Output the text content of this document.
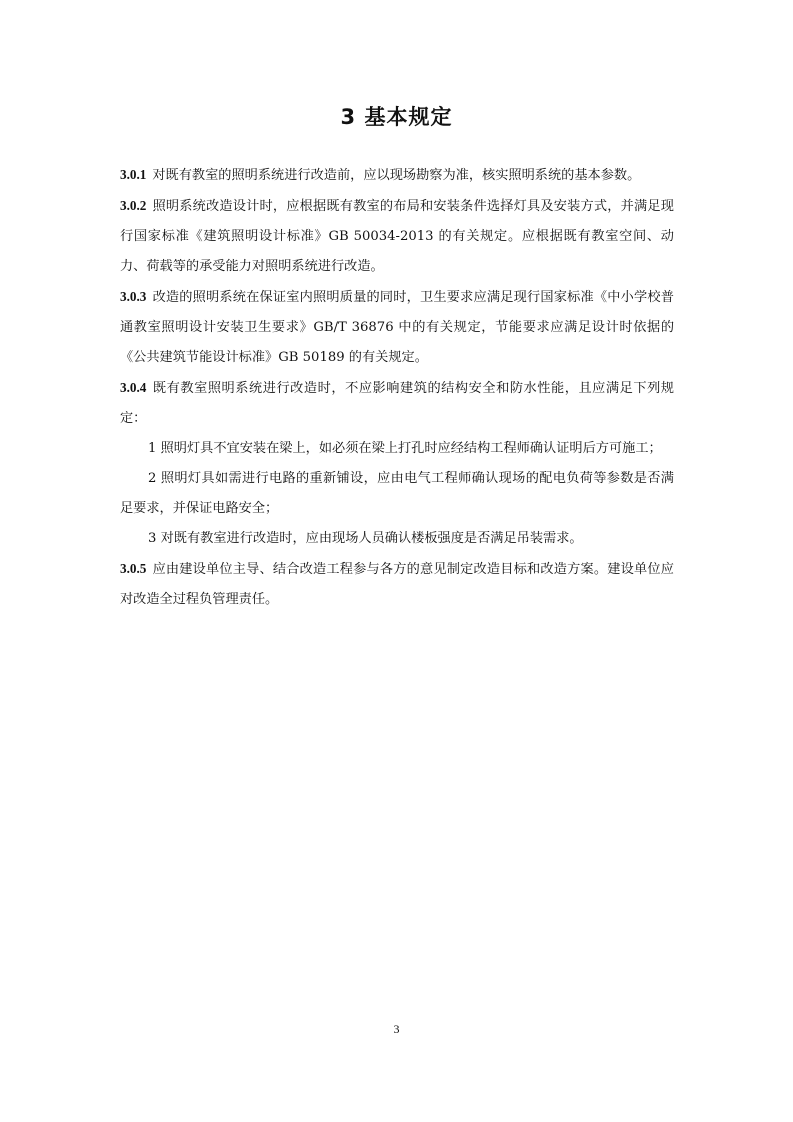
3 基本规定

3.0.1 对既有教室的照明系统进行改造前，应以现场勘察为准，核实照明系统的基本参数。

3.0.2 照明系统改造设计时，应根据既有教室的布局和安装条件选择灯具及安装方式，并满足现行国家标准《建筑照明设计标准》GB 50034-2013 的有关规定。应根据既有教室空间、动力、荷载等的承受能力对照明系统进行改造。

3.0.3 改造的照明系统在保证室内照明质量的同时，卫生要求应满足现行国家标准《中小学校普通教室照明设计安装卫生要求》GB/T 36876 中的有关规定，节能要求应满足设计时依据的《公共建筑节能设计标准》GB 50189 的有关规定。

3.0.4 既有教室照明系统进行改造时，不应影响建筑的结构安全和防水性能，且应满足下列规定：

1 照明灯具不宜安装在梁上，如必须在梁上打孔时应经结构工程师确认证明后方可施工；

2 照明灯具如需进行电路的重新铺设，应由电气工程师确认现场的配电负荷等参数是否满足要求，并保证电路安全；

3 对既有教室进行改造时，应由现场人员确认楼板强度是否满足吊装需求。

3.0.5 应由建设单位主导、结合改造工程参与各方的意见制定改造目标和改造方案。建设单位应对改造全过程负管理责任。

3
